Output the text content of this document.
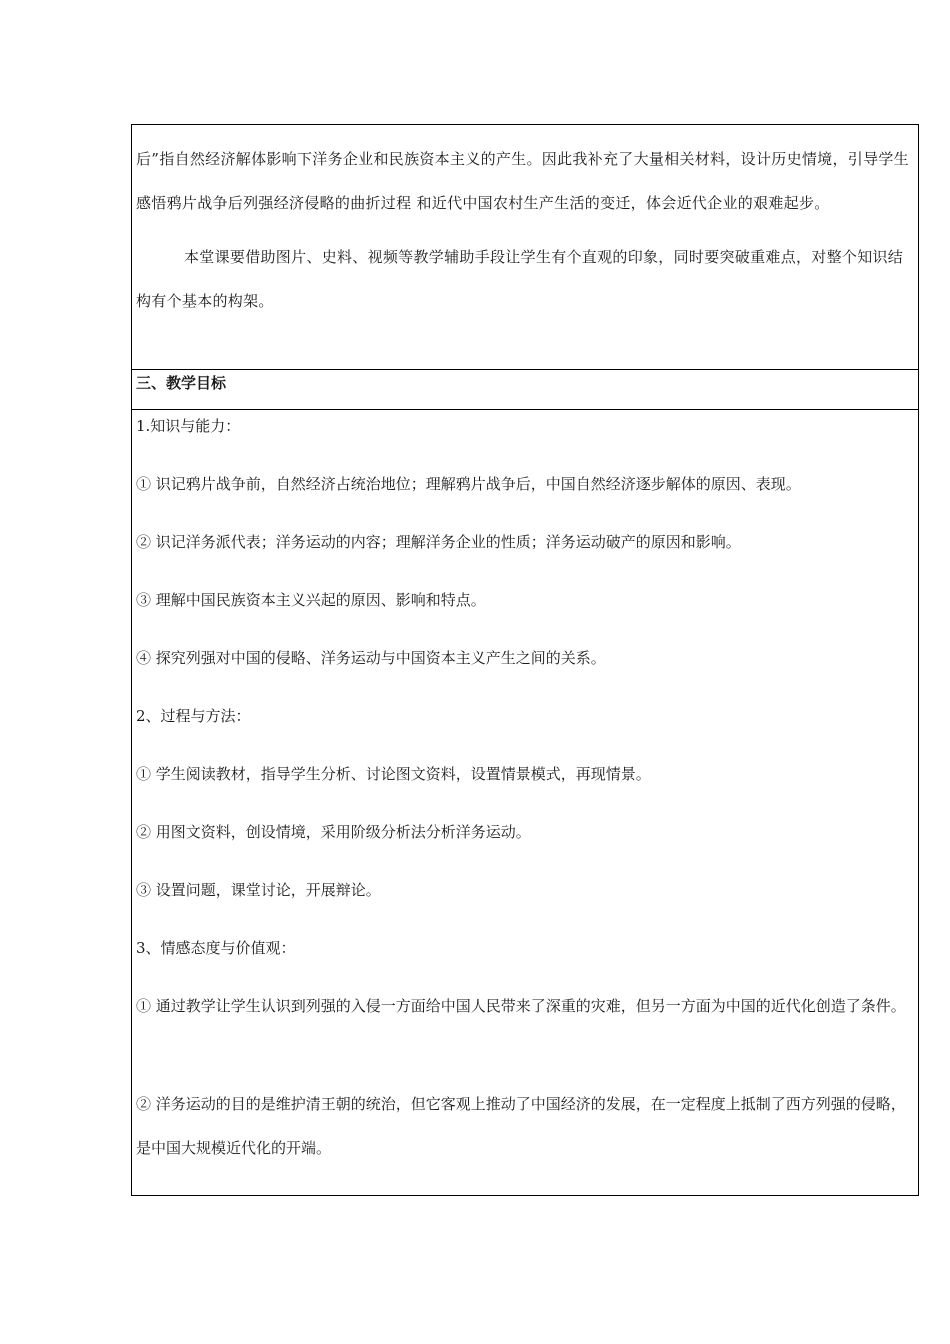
后”指自然经济解体影响下洋务企业和民族资本主义的产生。因此我补充了大量相关材料，设计历史情境，引导学生感悟鸦片战争后列强经济侵略的曲折过程 和近代中国农村生产生活的变迁，体会近代企业的艰难起步。

本堂课要借助图片、史料、视频等教学辅助手段让学生有个直观的印象，同时要突破重难点，对整个知识结构有个基本的构架。

三、教学目标
1.知识与能力：
① 识记鸦片战争前，自然经济占统治地位；理解鸦片战争后，中国自然经济逐步解体的原因、表现。
② 识记洋务派代表；洋务运动的内容；理解洋务企业的性质；洋务运动破产的原因和影响。
③ 理解中国民族资本主义兴起的原因、影响和特点。
④ 探究列强对中国的侵略、洋务运动与中国资本主义产生之间的关系。
2、过程与方法：
① 学生阅读教材，指导学生分析、讨论图文资料，设置情景模式，再现情景。
② 用图文资料，创设情境，采用阶级分析法分析洋务运动。
③ 设置问题，课堂讨论，开展辩论。
3、情感态度与价值观：
① 通过教学让学生认识到列强的入侵一方面给中国人民带来了深重的灾难，但另一方面为中国的近代化创造了条件。
② 洋务运动的目的是维护清王朝的统治，但它客观上推动了中国经济的发展，在一定程度上抵制了西方列强的侵略，是中国大规模近代化的开端。
